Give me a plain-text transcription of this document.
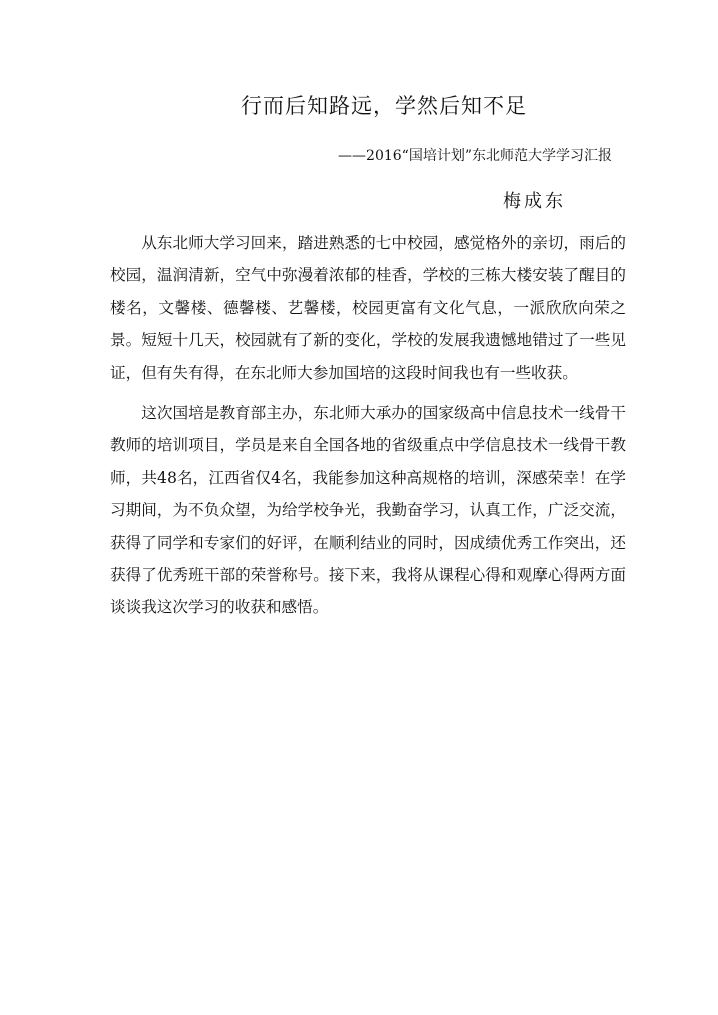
行而后知路远，学然后知不足
——2016“国培计划”东北师范大学学习汇报
梅成东

从东北师大学习回来，踏进熟悉的七中校园，感觉格外的亲切，雨后的校园，温润清新，空气中弥漫着浓郁的桂香，学校的三栋大楼安装了醒目的楼名，文馨楼、德馨楼、艺馨楼，校园更富有文化气息，一派欣欣向荣之景。短短十几天，校园就有了新的变化，学校的发展我遗憾地错过了一些见证，但有失有得，在东北师大参加国培的这段时间我也有一些收获。

这次国培是教育部主办，东北师大承办的国家级高中信息技术一线骨干教师的培训项目，学员是来自全国各地的省级重点中学信息技术一线骨干教师，共48名，江西省仅4名，我能参加这种高规格的培训，深感荣幸！在学习期间，为不负众望，为给学校争光，我勤奋学习，认真工作，广泛交流，获得了同学和专家们的好评，在顺利结业的同时，因成绩优秀工作突出，还获得了优秀班干部的荣誉称号。接下来，我将从课程心得和观摩心得两方面谈谈我这次学习的收获和感悟。
